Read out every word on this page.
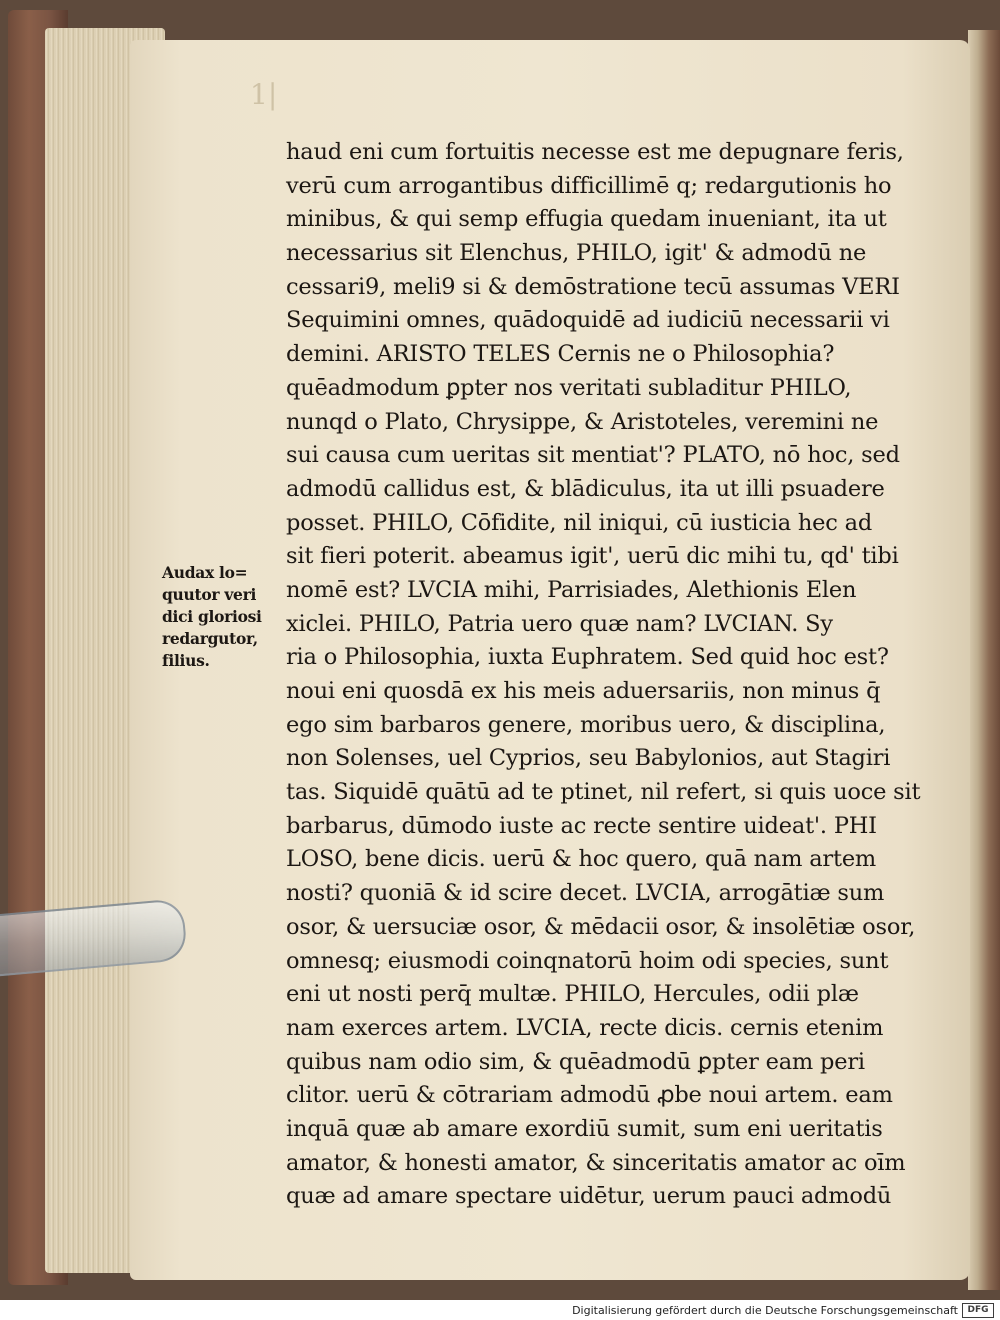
1|
haud eni cum fortuitis necesse est me depugnare feris,
verū cum arrogantibus difficillimē q; redargutionis ho
minibus, & qui semp effugia quedam inueniant, ita ut
necessarius sit Elenchus, PHILO, igit' & admodū ne
cessari9, meli9 si & demōstratione tecū assumas VERI
Sequimini omnes, quādoquidē ad iudiciū necessarii vi
demini. ARISTO TELES Cernis ne o Philosophia?
quēadmodum ꝑpter nos veritati subladitur PHILO,
nunqd o Plato, Chrysippe, & Aristoteles, veremini ne
sui causa cum ueritas sit mentiat'? PLATO, nō hoc, sed
admodū callidus est, & blādiculus, ita ut illi psuadere
posset. PHILO, Cōfidite, nil iniqui, cū iusticia hec ad
sit fieri poterit. abeamus igit', uerū dic mihi tu, qd' tibi
nomē est? LVCIA mihi, Parrisiades, Alethionis Elen
xiclei. PHILO, Patria uero quæ nam? LVCIAN. Sy
ria o Philosophia, iuxta Euphratem. Sed quid hoc est?
noui eni quosdā ex his meis aduersariis, non minus q̄
ego sim barbaros genere, moribus uero, & disciplina,
non Solenses, uel Cyprios, seu Babylonios, aut Stagiri
tas. Siquidē quātū ad te ptinet, nil refert, si quis uoce sit
barbarus, dūmodo iuste ac recte sentire uideat'. PHI
LOSO, bene dicis. uerū & hoc quero, quā nam artem
nosti? quoniā & id scire decet. LVCIA, arrogātiæ sum
osor, & uersuciæ osor, & mēdacii osor, & insolētiæ osor,
omnesq; eiusmodi coinqnatorū hoim odi species, sunt
eni ut nosti perq̄ multæ. PHILO, Hercules, odii plæ
nam exerces artem. LVCIA, recte dicis. cernis etenim
quibus nam odio sim, & quēadmodū ꝑpter eam peri
clitor. uerū & cōtrariam admodū ꝓbe noui artem. eam
inquā quæ ab amare exordiū sumit, sum eni ueritatis
amator, & honesti amator, & sinceritatis amator ac oīm
quæ ad amare spectare uidētur, uerum pauci admodū
Audax lo=
quutor veri
dici gloriosi
redargutor,
filius.
Digitalisierung gefördert durch die Deutsche Forschungsgemeinschaft	DFG
